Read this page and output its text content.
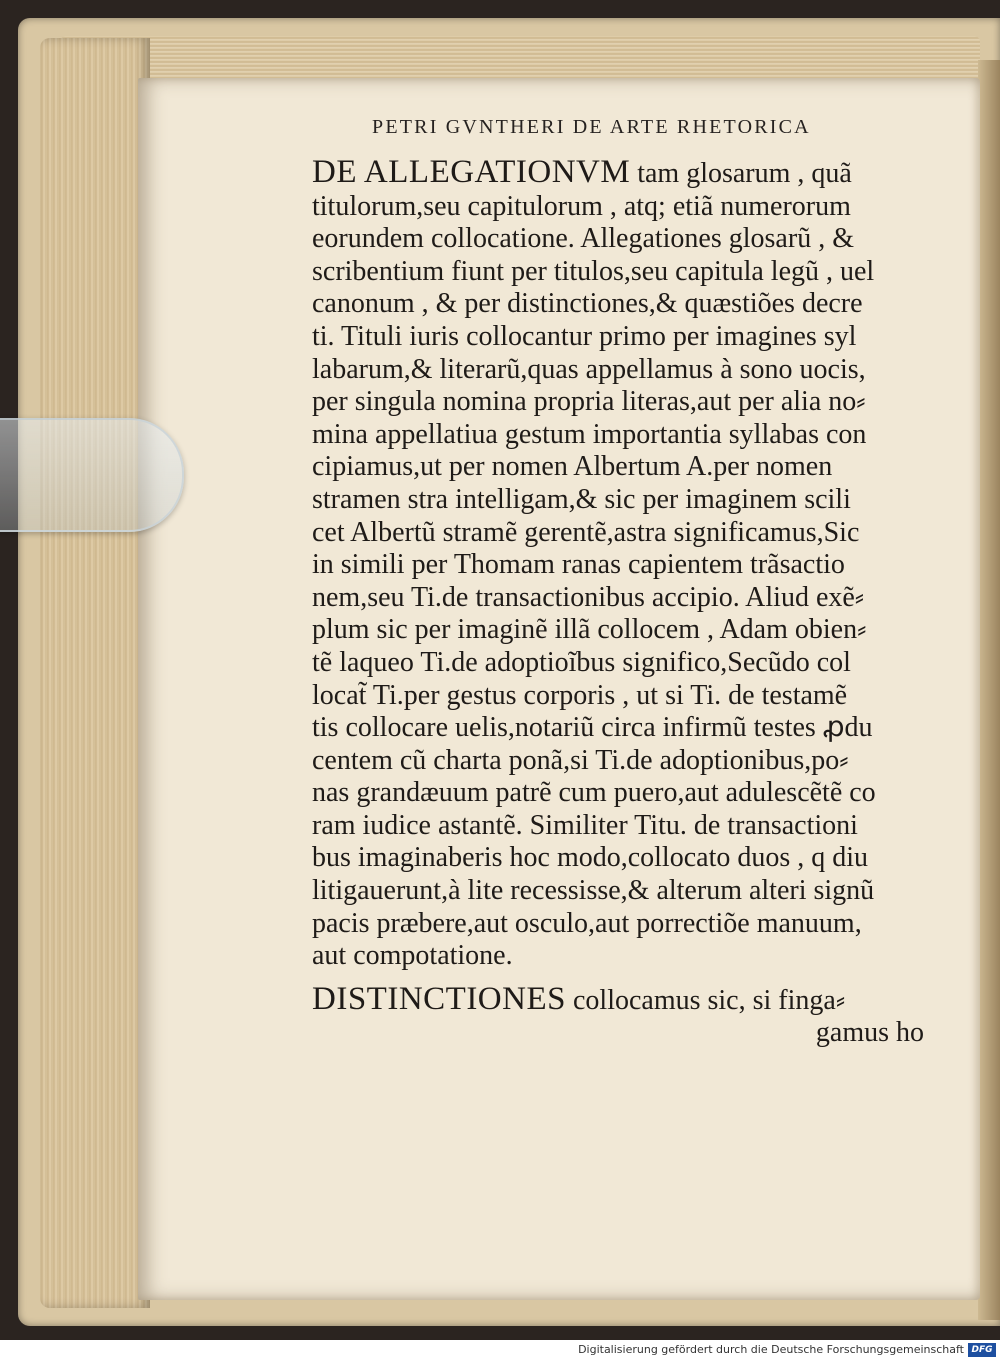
PETRI GVNTHERI DE ARTE RHETORICA
DE ALLEGATIONVM tam glosarum , quã
titulorum,seu capitulorum , atq; etiã numerorum
eorundem collocatione. Allegationes glosarũ , &
scribentium fiunt per titulos,seu capitula legũ , uel
canonum , & per distinctiones,& quæstiões decre
ti. Tituli iuris collocantur primo per imagines syl
labarum,& literarũ,quas appellamus à sono uocis,
per singula nomina propria literas,aut per alia no⸗
mina appellatiua gestum importantia syllabas con
cipiamus,ut per nomen Albertum A.per nomen
stramen stra intelligam,& sic per imaginem scili
cet Albertũ stramẽ gerentẽ,astra significamus,Sic
in simili per Thomam ranas capientem trãsactio
nem,seu Ti.de transactionibus accipio. Aliud exẽ⸗
plum sic per imaginẽ illã collocem , Adam obien⸗
tẽ laqueo Ti.de adoptioĩbus significo,Secũdo col
locat̃ Ti.per gestus corporis , ut si Ti. de testamẽ
tis collocare uelis,notariũ circa infirmũ testes ꝓdu
centem cũ charta ponã,si Ti.de adoptionibus,po⸗
nas grandæuum patrẽ cum puero,aut adulescẽtẽ co
ram iudice astantẽ. Similiter Titu. de transactioni
bus imaginaberis hoc modo,collocato duos , q diu
litigauerunt,à lite recessisse,& alterum alteri signũ
pacis præbere,aut osculo,aut porrectiõe manuum,
aut compotatione.
DISTINCTIONES collocamus sic, si finga⸗
gamus ho
Digitalisierung gefördert durch die Deutsche Forschungsgemeinschaft DFG
